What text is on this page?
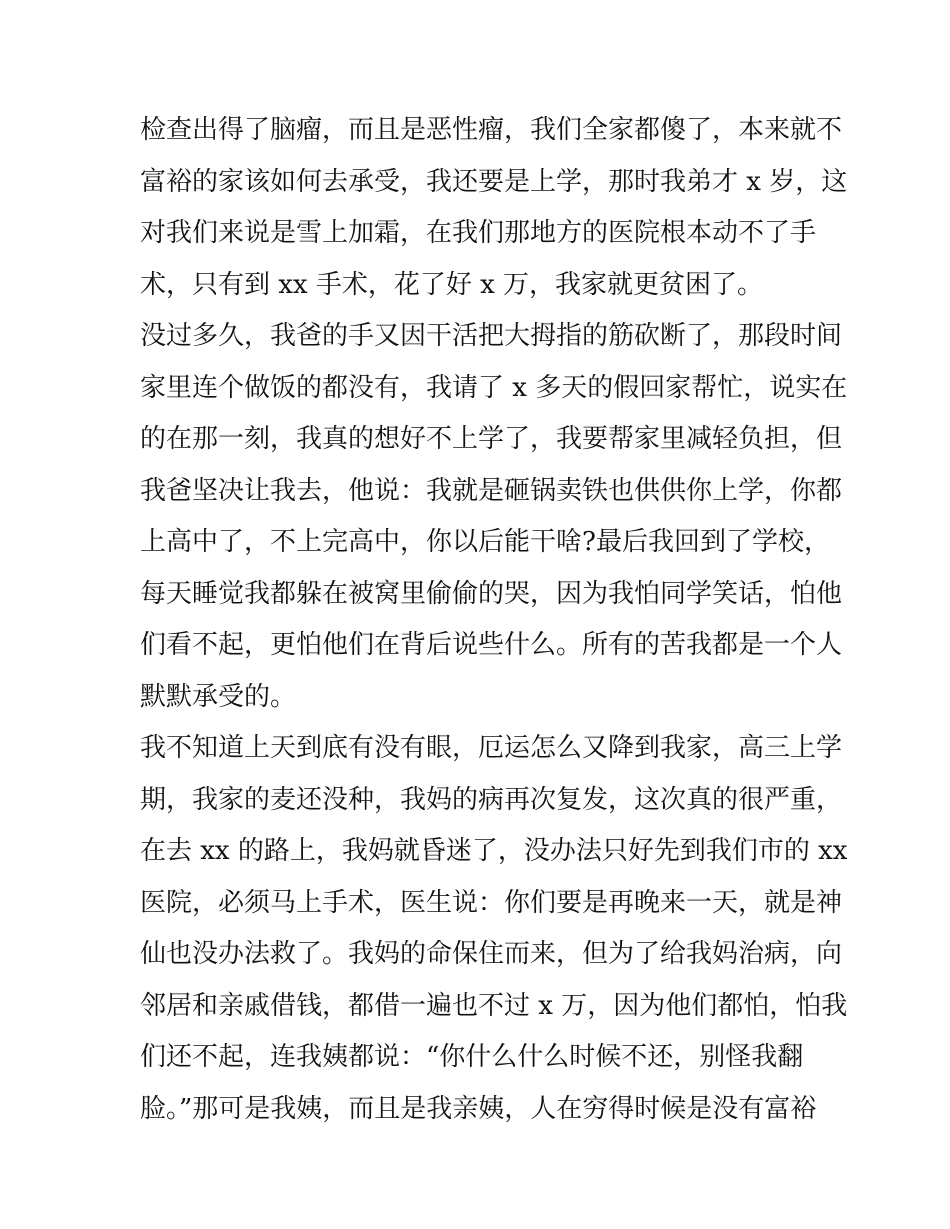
检查出得了脑瘤，而且是恶性瘤，我们全家都傻了，本来就不
富裕的家该如何去承受，我还要是上学，那时我弟才 x 岁，这
对我们来说是雪上加霜，在我们那地方的医院根本动不了手
术，只有到 xx 手术，花了好 x 万，我家就更贫困了。
没过多久，我爸的手又因干活把大拇指的筋砍断了，那段时间
家里连个做饭的都没有，我请了 x 多天的假回家帮忙，说实在
的在那一刻，我真的想好不上学了，我要帮家里减轻负担，但
我爸坚决让我去，他说：我就是砸锅卖铁也供供你上学，你都
上高中了，不上完高中，你以后能干啥?最后我回到了学校，
每天睡觉我都躲在被窝里偷偷的哭，因为我怕同学笑话，怕他
们看不起，更怕他们在背后说些什么。所有的苦我都是一个人
默默承受的。
我不知道上天到底有没有眼，厄运怎么又降到我家，高三上学
期，我家的麦还没种，我妈的病再次复发，这次真的很严重，
在去 xx 的路上，我妈就昏迷了，没办法只好先到我们市的 xx
医院，必须马上手术，医生说：你们要是再晚来一天，就是神
仙也没办法救了。我妈的命保住而来，但为了给我妈治病，向
邻居和亲戚借钱，都借一遍也不过 x 万，因为他们都怕，怕我
们还不起，连我姨都说：“你什么什么时候不还，别怪我翻
脸。”那可是我姨，而且是我亲姨，人在穷得时候是没有富裕
